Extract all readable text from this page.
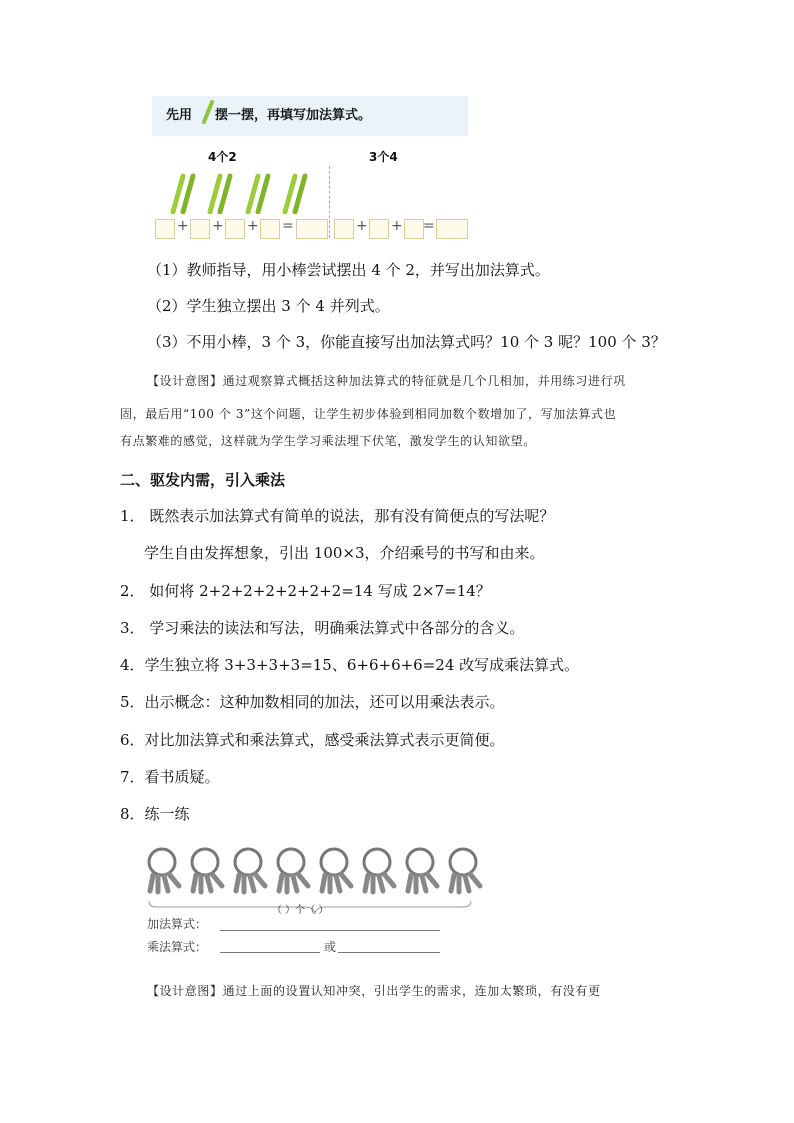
先用 摆一摆，再填写加法算式。
4个2	3个4
+ + + =	+ + =
（1）教师指导，用小棒尝试摆出 4 个 2，并写出加法算式。
（2）学生独立摆出 3 个 4 并列式。
（3）不用小棒，3 个 3，你能直接写出加法算式吗？10 个 3 呢？100 个 3？
【设计意图】通过观察算式概括这种加法算式的特征就是几个几相加，并用练习进行巩
固，最后用“100 个 3”这个问题，让学生初步体验到相同加数个数增加了，写加法算式也
有点繁难的感觉，这样就为学生学习乘法埋下伏笔，激发学生的认知欲望。
二、驱发内需，引入乘法
1． 既然表示加法算式有简单的说法，那有没有简便点的写法呢？
学生自由发挥想象，引出 100×3，介绍乘号的书写和由来。
2． 如何将 2+2+2+2+2+2+2=14 写成 2×7=14？
3． 学习乘法的读法和写法，明确乘法算式中各部分的含义。
4．学生独立将 3+3+3+3=15、6+6+6+6=24 改写成乘法算式。
5．出示概念：这种加数相同的加法，还可以用乘法表示。
6．对比加法算式和乘法算式，感受乘法算式表示更简便。
7．看书质疑。
8．练一练
（ ）个（ ）
加法算式：
乘法算式：	或
【设计意图】通过上面的设置认知冲突，引出学生的需求，连加太繁琐，有没有更
